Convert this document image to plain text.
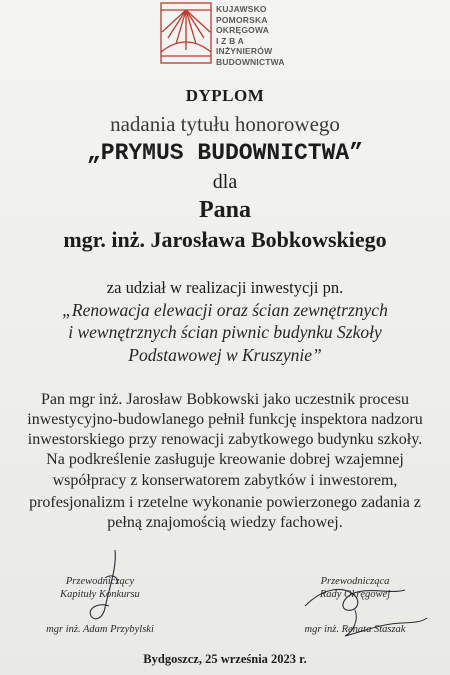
KUJAWSKO
POMORSKA
OKRĘGOWA
I Z B A
INŻYNIERÓW
BUDOWNICTWA
DYPLOM
nadania tytułu honorowego
„PRYMUS BUDOWNICTWA”
dla
Pana
mgr. inż. Jarosława Bobkowskiego
za udział w realizacji inwestycji pn.
„Renowacja elewacji oraz ścian zewnętrznych
i wewnętrznych ścian piwnic budynku Szkoły
Podstawowej w Kruszynie”
Pan mgr inż. Jarosław Bobkowski jako uczestnik procesu
inwestycyjno-budowlanego pełnił funkcję inspektora nadzoru
inwestorskiego przy renowacji zabytkowego budynku szkoły.
Na podkreślenie zasługuje kreowanie dobrej wzajemnej
współpracy z konserwatorem zabytków i inwestorem,
profesjonalizm i rzetelne wykonanie powierzonego zadania z
pełną znajomością wiedzy fachowej.
Przewodniczący
Kapituły Konkursu
mgr inż. Adam Przybylski
Przewodnicząca
Rady Okręgowej
mgr inż. Renata Staszak
Bydgoszcz, 25 września 2023 r.
